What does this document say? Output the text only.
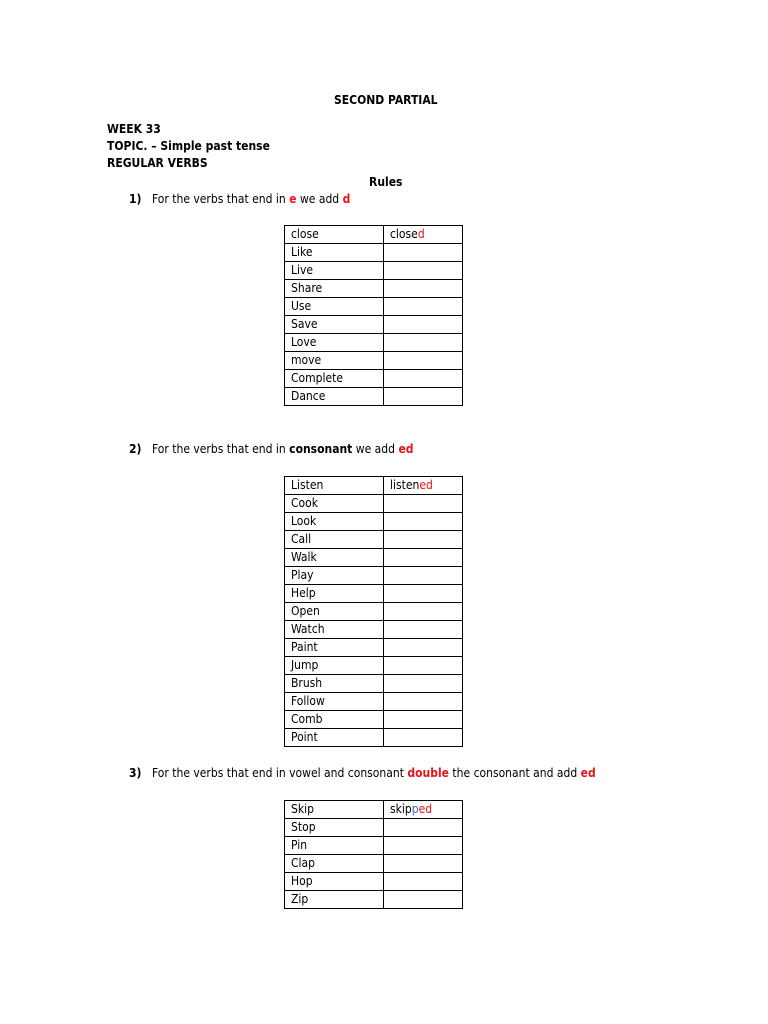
SECOND PARTIAL
WEEK 33
TOPIC. – Simple past tense
REGULAR VERBS
Rules
1) For the verbs that end in e we add d
close	closed
Like	
Live	
Share	
Use	
Save	
Love	
move	
Complete	
Dance	
2) For the verbs that end in consonant we add ed
Listen	listened
Cook	
Look	
Call	
Walk	
Play	
Help	
Open	
Watch	
Paint	
Jump	
Brush	
Follow	
Comb	
Point	
3) For the verbs that end in vowel and consonant double the consonant and add ed
Skip	skipped
Stop	
Pin	
Clap	
Hop	
Zip	
